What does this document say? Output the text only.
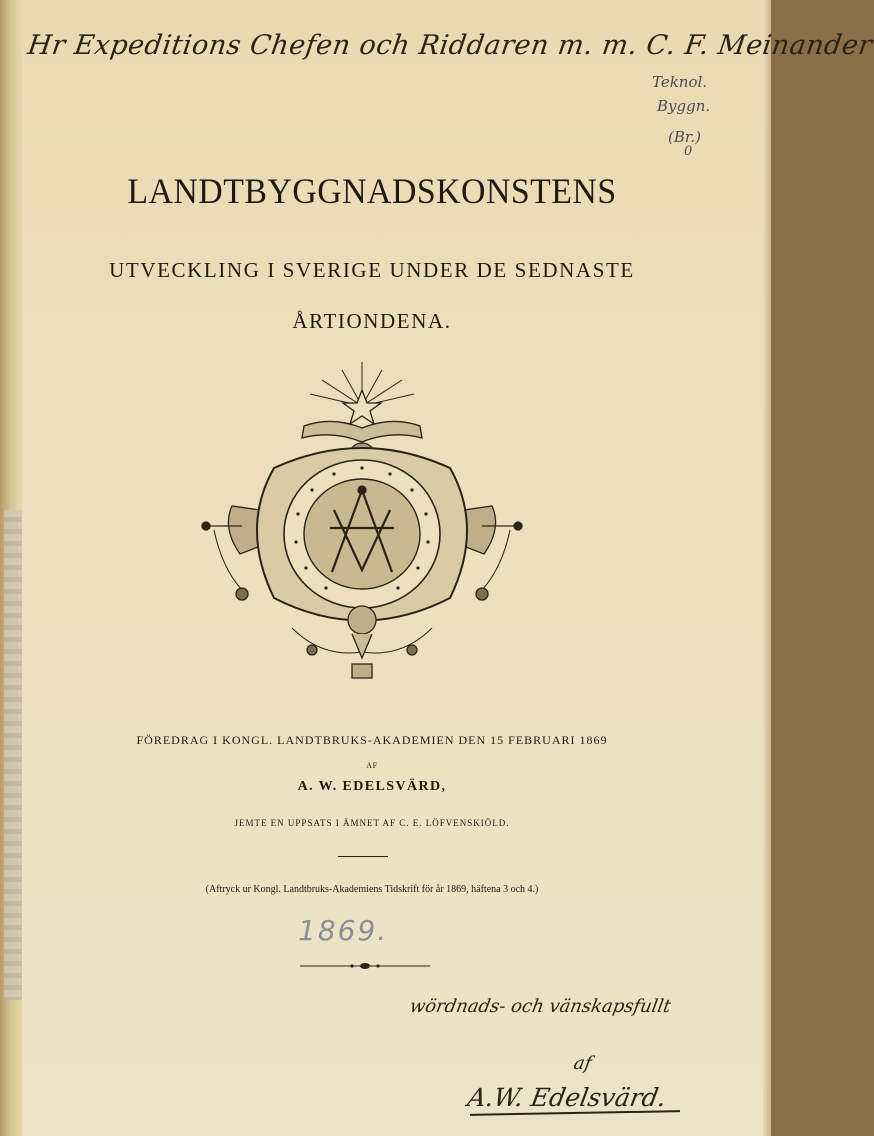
Hr Expeditions Chefen och Riddaren m. m. C. F. Meinander
Teknol.
Byggn.
(Br.)
0
LANDTBYGGNADSKONSTENS
UTVECKLING I SVERIGE UNDER DE SEDNASTE
ÅRTIONDENA.
FÖREDRAG I KONGL. LANDTBRUKS-AKADEMIEN DEN 15 FEBRUARI 1869
AF
A. W. EDELSVÄRD,
JEMTE EN UPPSATS I ÄMNET AF C. E. LÖFVENSKIÖLD.
(Aftryck ur Kongl. Landtbruks-Akademiens Tidskrift för år 1869, häftena 3 och 4.)
1869.
wördnads- och vänskapsfullt
af
A.W. Edelsvärd.
